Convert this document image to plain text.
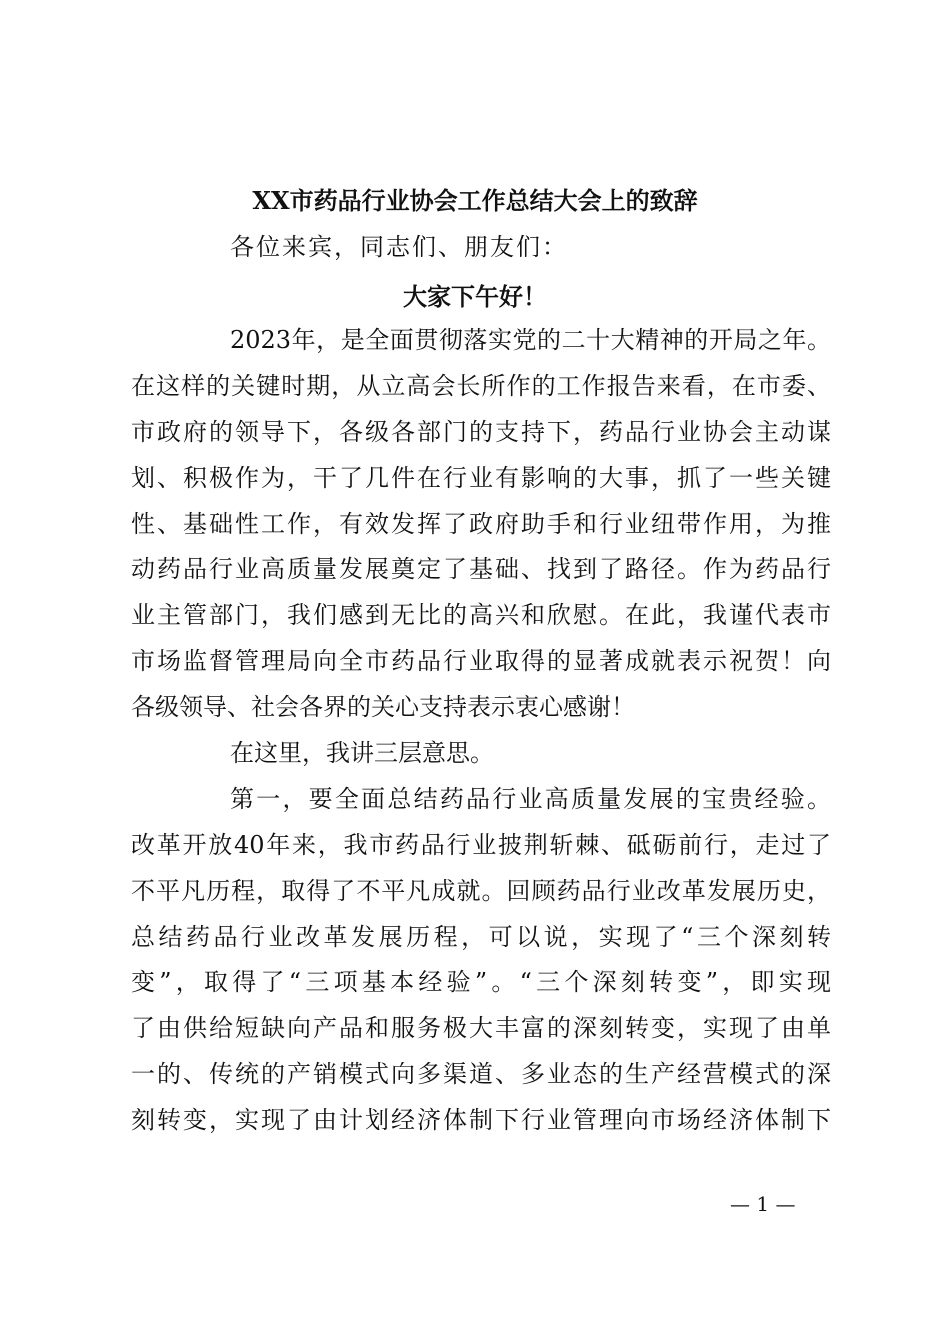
XX市药品行业协会工作总结大会上的致辞
各位来宾，同志们、朋友们：
大家下午好！
2023年，是全面贯彻落实党的二十大精神的开局之年。
在这样的关键时期，从立高会长所作的工作报告来看，在市委、
市政府的领导下，各级各部门的支持下，药品行业协会主动谋
划、积极作为，干了几件在行业有影响的大事，抓了一些关键
性、基础性工作，有效发挥了政府助手和行业纽带作用，为推
动药品行业高质量发展奠定了基础、找到了路径。作为药品行
业主管部门，我们感到无比的高兴和欣慰。在此，我谨代表市
市场监督管理局向全市药品行业取得的显著成就表示祝贺！向
各级领导、社会各界的关心支持表示衷心感谢！
在这里，我讲三层意思。
第一，要全面总结药品行业高质量发展的宝贵经验。
改革开放40年来，我市药品行业披荆斩棘、砥砺前行，走过了
不平凡历程，取得了不平凡成就。回顾药品行业改革发展历史，
总结药品行业改革发展历程，可以说，实现了“三个深刻转
变”，取得了“三项基本经验”。“三个深刻转变”，即实现
了由供给短缺向产品和服务极大丰富的深刻转变，实现了由单
一的、传统的产销模式向多渠道、多业态的生产经营模式的深
刻转变，实现了由计划经济体制下行业管理向市场经济体制下
— 1 —
